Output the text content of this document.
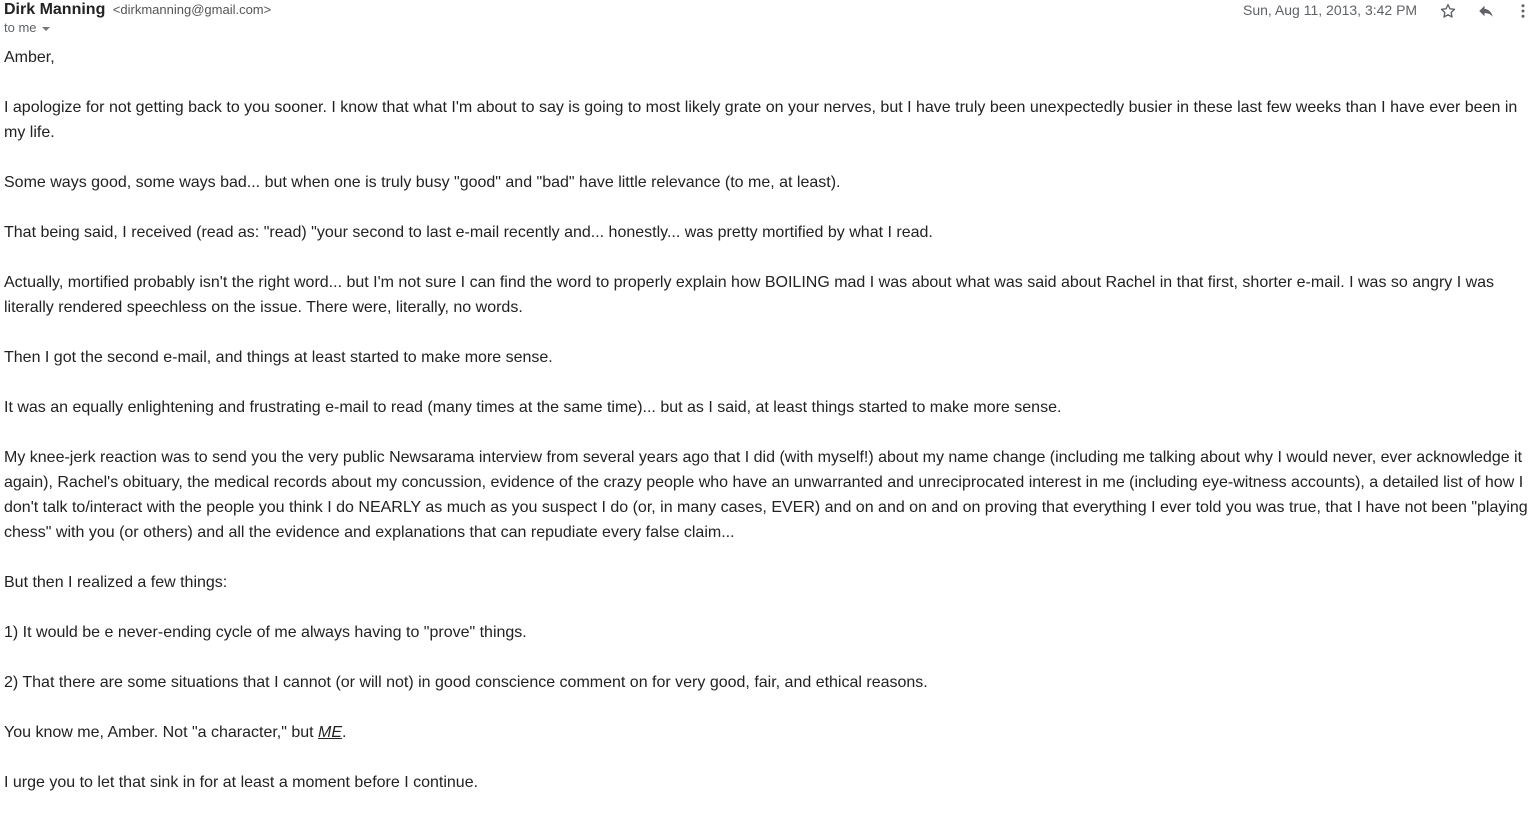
Dirk Manning <dirkmanning@gmail.com>
to me
Sun, Aug 11, 2013, 3:42 PM

Amber,

I apologize for not getting back to you sooner. I know that what I'm about to say is going to most likely grate on your nerves, but I have truly been unexpectedly busier in these last few weeks than I have ever been in my life.

Some ways good, some ways bad... but when one is truly busy "good" and "bad" have little relevance (to me, at least).

That being said, I received (read as: "read) "your second to last e-mail recently and... honestly... was pretty mortified by what I read.

Actually, mortified probably isn't the right word... but I'm not sure I can find the word to properly explain how BOILING mad I was about what was said about Rachel in that first, shorter e-mail. I was so angry I was literally rendered speechless on the issue. There were, literally, no words.

Then I got the second e-mail, and things at least started to make more sense.

It was an equally enlightening and frustrating e-mail to read (many times at the same time)... but as I said, at least things started to make more sense.

My knee-jerk reaction was to send you the very public Newsarama interview from several years ago that I did (with myself!) about my name change (including me talking about why I would never, ever acknowledge it again), Rachel's obituary, the medical records about my concussion, evidence of the crazy people who have an unwarranted and unreciprocated interest in me (including eye-witness accounts), a detailed list of how I don't talk to/interact with the people you think I do NEARLY as much as you suspect I do (or, in many cases, EVER) and on and on and on proving that everything I ever told you was true, that I have not been "playing chess" with you (or others) and all the evidence and explanations that can repudiate every false claim...

But then I realized a few things:

1) It would be e never-ending cycle of me always having to "prove" things.

2) That there are some situations that I cannot (or will not) in good conscience comment on for very good, fair, and ethical reasons.

You know me, Amber. Not "a character," but ME.

I urge you to let that sink in for at least a moment before I continue.
